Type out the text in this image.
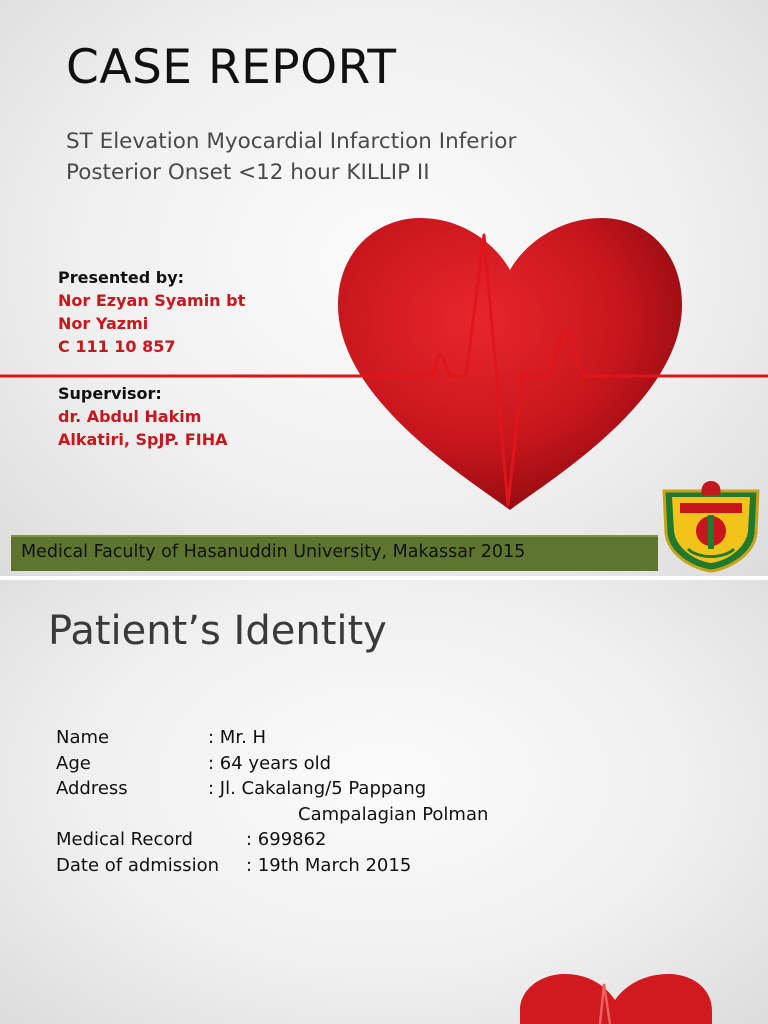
CASE REPORT
ST Elevation Myocardial Infarction Inferior
Posterior Onset <12 hour KILLIP II
Presented by:
Nor Ezyan Syamin bt
Nor Yazmi
C 111 10 857
Supervisor:
dr. Abdul Hakim
Alkatiri, SpJP. FIHA
Medical Faculty of Hasanuddin University, Makassar 2015
Patient’s Identity
Name	: Mr. H
Age	: 64 years old
Address	: Jl. Cakalang/5 Pappang
Campalagian Polman
Medical Record	: 699862
Date of admission : 19th March 2015
